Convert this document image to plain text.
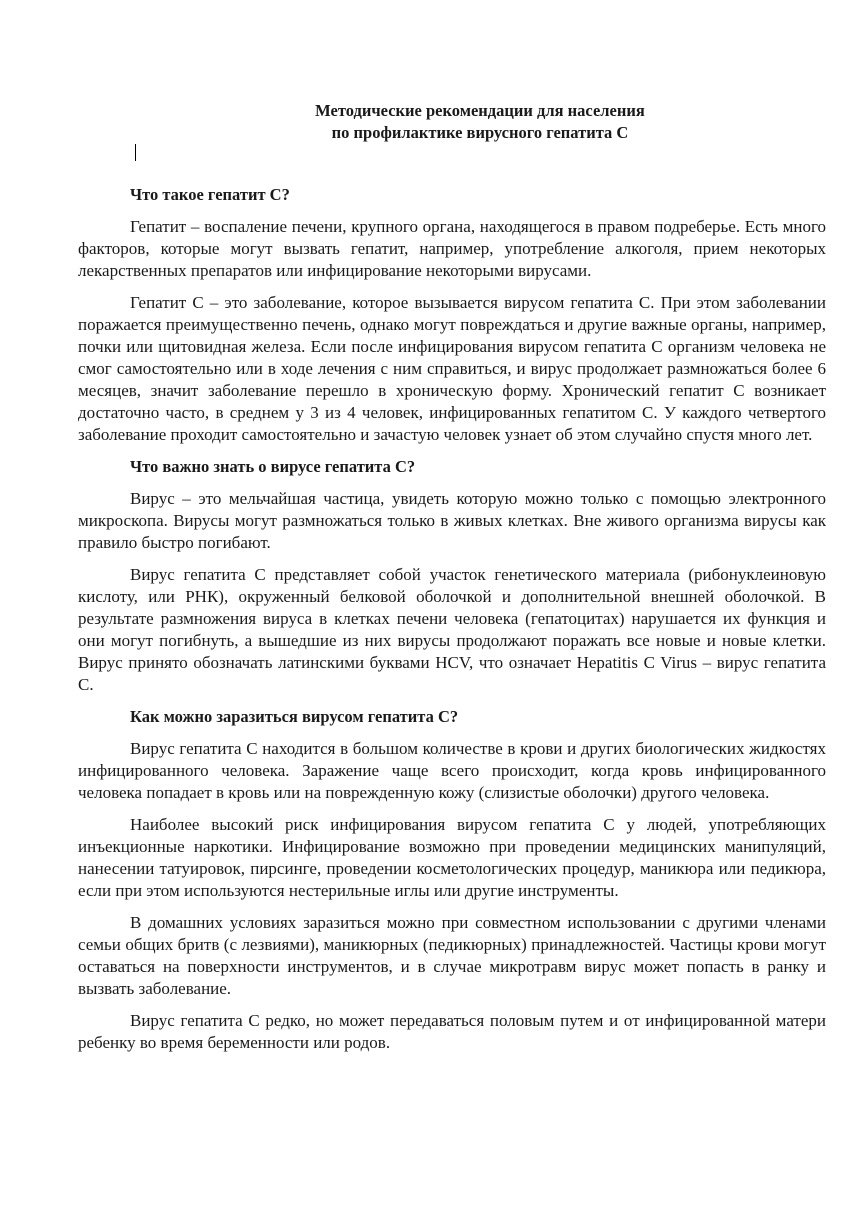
Методические рекомендации для населения
по профилактике вирусного гепатита С

Что такое гепатит С?

Гепатит – воспаление печени, крупного органа, находящегося в правом подреберье. Есть много факторов, которые могут вызвать гепатит, например, употребление алкоголя, прием некоторых лекарственных препаратов или инфицирование некоторыми вирусами.

Гепатит С – это заболевание, которое вызывается вирусом гепатита С. При этом заболевании поражается преимущественно печень, однако могут повреждаться и другие важные органы, например, почки или щитовидная железа. Если после инфицирования вирусом гепатита С организм человека не смог самостоятельно или в ходе лечения с ним справиться, и вирус продолжает размножаться более 6 месяцев, значит заболевание перешло в хроническую форму. Хронический гепатит С возникает достаточно часто, в среднем у 3 из 4 человек, инфицированных гепатитом С. У каждого четвертого заболевание проходит самостоятельно и зачастую человек узнает об этом случайно спустя много лет.

Что важно знать о вирусе гепатита С?

Вирус – это мельчайшая частица, увидеть которую можно только с помощью электронного микроскопа. Вирусы могут размножаться только в живых клетках. Вне живого организма вирусы как правило быстро погибают.

Вирус гепатита С представляет собой участок генетического материала (рибонуклеиновую кислоту, или РНК), окруженный белковой оболочкой и дополнительной внешней оболочкой. В результате размножения вируса в клетках печени человека (гепатоцитах) нарушается их функция и они могут погибнуть, а вышедшие из них вирусы продолжают поражать все новые и новые клетки. Вирус принято обозначать латинскими буквами HCV, что означает Hepatitis C Virus – вирус гепатита С.

Как можно заразиться вирусом гепатита С?

Вирус гепатита С находится в большом количестве в крови и других биологических жидкостях инфицированного человека. Заражение чаще всего происходит, когда кровь инфицированного человека попадает в кровь или на поврежденную кожу (слизистые оболочки) другого человека.

Наиболее высокий риск инфицирования вирусом гепатита С у людей, употребляющих инъекционные наркотики. Инфицирование возможно при проведении медицинских манипуляций, нанесении татуировок, пирсинге, проведении косметологических процедур, маникюра или педикюра, если при этом используются нестерильные иглы или другие инструменты.

В домашних условиях заразиться можно при совместном использовании с другими членами семьи общих бритв (с лезвиями), маникюрных (педикюрных) принадлежностей. Частицы крови могут оставаться на поверхности инструментов, и в случае микротравм вирус может попасть в ранку и вызвать заболевание.

Вирус гепатита С редко, но может передаваться половым путем и от инфицированной матери ребенку во время беременности или родов.
